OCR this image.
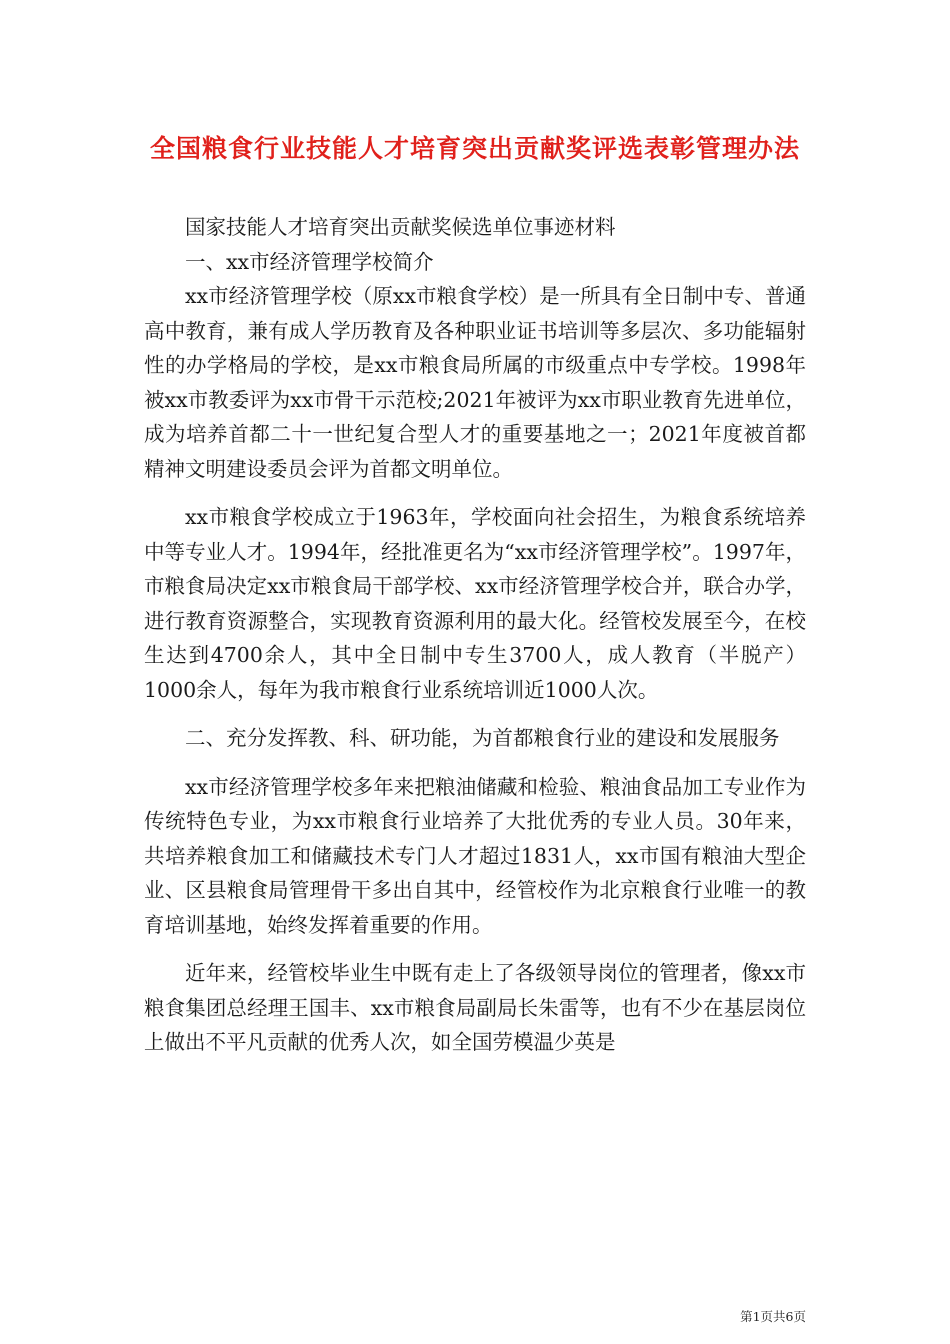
全国粮食行业技能人才培育突出贡献奖评选表彰管理办法

国家技能人才培育突出贡献奖候选单位事迹材料

一、xx市经济管理学校简介

xx市经济管理学校（原xx市粮食学校）是一所具有全日制中专、普通高中教育，兼有成人学历教育及各种职业证书培训等多层次、多功能辐射性的办学格局的学校，是xx市粮食局所属的市级重点中专学校。1998年被xx市教委评为xx市骨干示范校;2021年被评为xx市职业教育先进单位，成为培养首都二十一世纪复合型人才的重要基地之一；2021年度被首都精神文明建设委员会评为首都文明单位。

xx市粮食学校成立于1963年，学校面向社会招生，为粮食系统培养中等专业人才。1994年，经批准更名为“xx市经济管理学校”。1997年，市粮食局决定xx市粮食局干部学校、xx市经济管理学校合并，联合办学，进行教育资源整合，实现教育资源利用的最大化。经管校发展至今，在校生达到4700余人，其中全日制中专生3700人，成人教育（半脱产）1000余人，每年为我市粮食行业系统培训近1000人次。

二、充分发挥教、科、研功能，为首都粮食行业的建设和发展服务

xx市经济管理学校多年来把粮油储藏和检验、粮油食品加工专业作为传统特色专业，为xx市粮食行业培养了大批优秀的专业人员。30年来，共培养粮食加工和储藏技术专门人才超过1831人，xx市国有粮油大型企业、区县粮食局管理骨干多出自其中，经管校作为北京粮食行业唯一的教育培训基地，始终发挥着重要的作用。

近年来，经管校毕业生中既有走上了各级领导岗位的管理者，像xx市粮食集团总经理王国丰、xx市粮食局副局长朱雷等，也有不少在基层岗位上做出不平凡贡献的优秀人次，如全国劳模温少英是

第1页共6页
